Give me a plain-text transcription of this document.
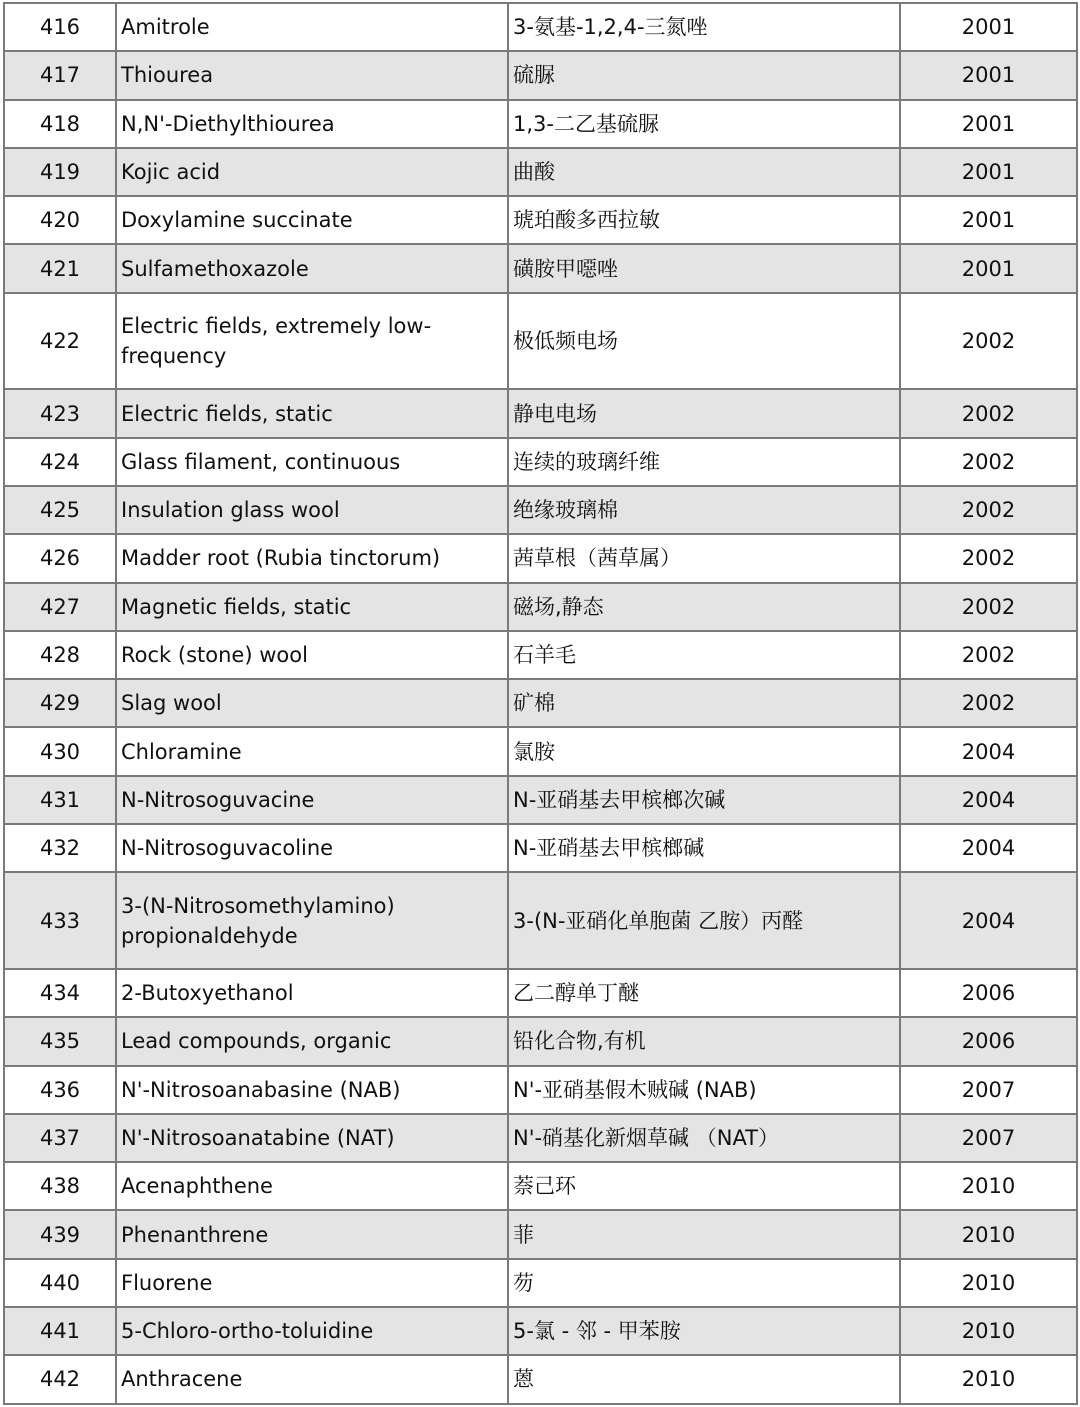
416	Amitrole	3-氨基-1,2,4-三氮唑	2001
417	Thiourea	硫脲	2001
418	N,N'-Diethylthiourea	1,3-二乙基硫脲	2001
419	Kojic acid	曲酸	2001
420	Doxylamine succinate	琥珀酸多西拉敏	2001
421	Sulfamethoxazole	磺胺甲噁唑	2001
422	Electric fields, extremely low-frequency	极低频电场	2002
423	Electric fields, static	静电电场	2002
424	Glass filament, continuous	连续的玻璃纤维	2002
425	Insulation glass wool	绝缘玻璃棉	2002
426	Madder root (Rubia tinctorum)	茜草根（茜草属）	2002
427	Magnetic fields, static	磁场,静态	2002
428	Rock (stone) wool	石羊毛	2002
429	Slag wool	矿棉	2002
430	Chloramine	氯胺	2004
431	N-Nitrosoguvacine	N-亚硝基去甲槟榔次碱	2004
432	N-Nitrosoguvacoline	N-亚硝基去甲槟榔碱	2004
433	3-(N-Nitrosomethylamino) propionaldehyde	3-(N-亚硝化单胞菌 乙胺）丙醛	2004
434	2-Butoxyethanol	乙二醇单丁醚	2006
435	Lead compounds, organic	铅化合物,有机	2006
436	N'-Nitrosoanabasine (NAB)	N'-亚硝基假木贼碱 (NAB)	2007
437	N'-Nitrosoanatabine (NAT)	N'-硝基化新烟草碱 （NAT）	2007
438	Acenaphthene	萘己环	2010
439	Phenanthrene	菲	2010
440	Fluorene	芴	2010
441	5-Chloro-ortho-toluidine	5-氯 - 邻 - 甲苯胺	2010
442	Anthracene	蒽	2010
